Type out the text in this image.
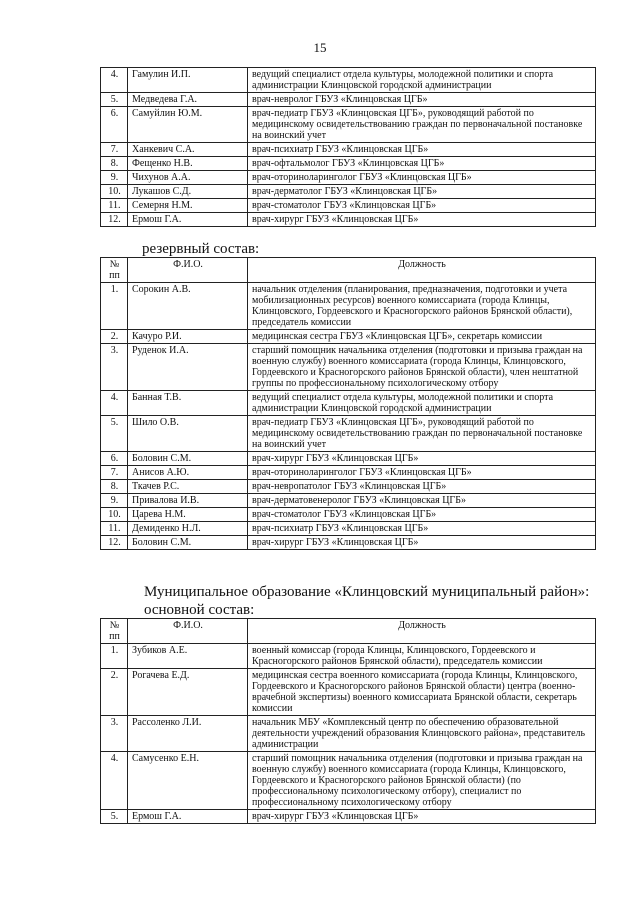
15
4.	Гамулин И.П.	ведущий специалист отдела культуры, молодежной политики и спорта администрации Клинцовской городской администрации
5.	Медведева Г.А.	врач-невролог ГБУЗ «Клинцовская ЦГБ»
6.	Самуйлин Ю.М.	врач-педиатр ГБУЗ «Клинцовская ЦГБ», руководящий работой по медицинскому освидетельствованию граждан по первоначальной постановке на воинский учет
7.	Ханкевич С.А.	врач-психиатр ГБУЗ «Клинцовская ЦГБ»
8.	Фещенко Н.В.	врач-офтальмолог ГБУЗ «Клинцовская ЦГБ»
9.	Чихунов А.А.	врач-оториноларинголог ГБУЗ «Клинцовская ЦГБ»
10.	Лукашов С.Д.	врач-дерматолог ГБУЗ «Клинцовская ЦГБ»
11.	Семерня Н.М.	врач-стоматолог ГБУЗ «Клинцовская ЦГБ»
12.	Ермош Г.А.	врач-хирург ГБУЗ «Клинцовская ЦГБ»
резервный состав:
№ пп	Ф.И.О.	Должность
1.	Сорокин А.В.	начальник отделения (планирования, предназначения, подготовки и учета мобилизационных ресурсов) военного комиссариата (города Клинцы, Клинцовского, Гордеевского и Красногорского районов Брянской области), председатель комиссии
2.	Качуро Р.И.	медицинская сестра ГБУЗ «Клинцовская ЦГБ», секретарь комиссии
3.	Руденок И.А.	старший помощник начальника отделения (подготовки и призыва граждан на военную службу) военного комиссариата (города Клинцы, Клинцовского, Гордеевского и Красногорского районов Брянской области), член нештатной группы по профессиональному психологическому отбору
4.	Банная Т.В.	ведущий специалист отдела культуры, молодежной политики и спорта администрации Клинцовской городской администрации
5.	Шило О.В.	врач-педиатр ГБУЗ «Клинцовская ЦГБ», руководящий работой по медицинскому освидетельствованию граждан по первоначальной постановке на воинский учет
6.	Боловин С.М.	врач-хирург ГБУЗ «Клинцовская ЦГБ»
7.	Анисов А.Ю.	врач-оториноларинголог ГБУЗ «Клинцовская ЦГБ»
8.	Ткачев Р.С.	врач-невропатолог ГБУЗ «Клинцовская ЦГБ»
9.	Привалова И.В.	врач-дерматовенеролог ГБУЗ «Клинцовская ЦГБ»
10.	Царева Н.М.	врач-стоматолог ГБУЗ «Клинцовская ЦГБ»
11.	Демиденко Н.Л.	врач-психиатр ГБУЗ «Клинцовская ЦГБ»
12.	Боловин С.М.	врач-хирург ГБУЗ «Клинцовская ЦГБ»
Муниципальное образование «Клинцовский муниципальный район»:
основной состав:
№ пп	Ф.И.О.	Должность
1.	Зубиков А.Е.	военный комиссар (города Клинцы, Клинцовского, Гордеевского и Красногорского районов Брянской области), председатель комиссии
2.	Рогачева Е.Д.	медицинская сестра военного комиссариата (города Клинцы, Клинцовского, Гордеевского и Красногорского районов Брянской области) центра (военно-врачебной экспертизы) военного комиссариата Брянской области, секретарь комиссии
3.	Рассоленко Л.И.	начальник МБУ «Комплексный центр по обеспечению образовательной деятельности учреждений образования Клинцовского района», представитель администрации
4.	Самусенко Е.Н.	старший помощник начальника отделения (подготовки и призыва граждан на военную службу) военного комиссариата (города Клинцы, Клинцовского, Гордеевского и Красногорского районов Брянской области) (по профессиональному психологическому отбору), специалист по профессиональному психологическому отбору
5.	Ермош Г.А.	врач-хирург ГБУЗ «Клинцовская ЦГБ»
